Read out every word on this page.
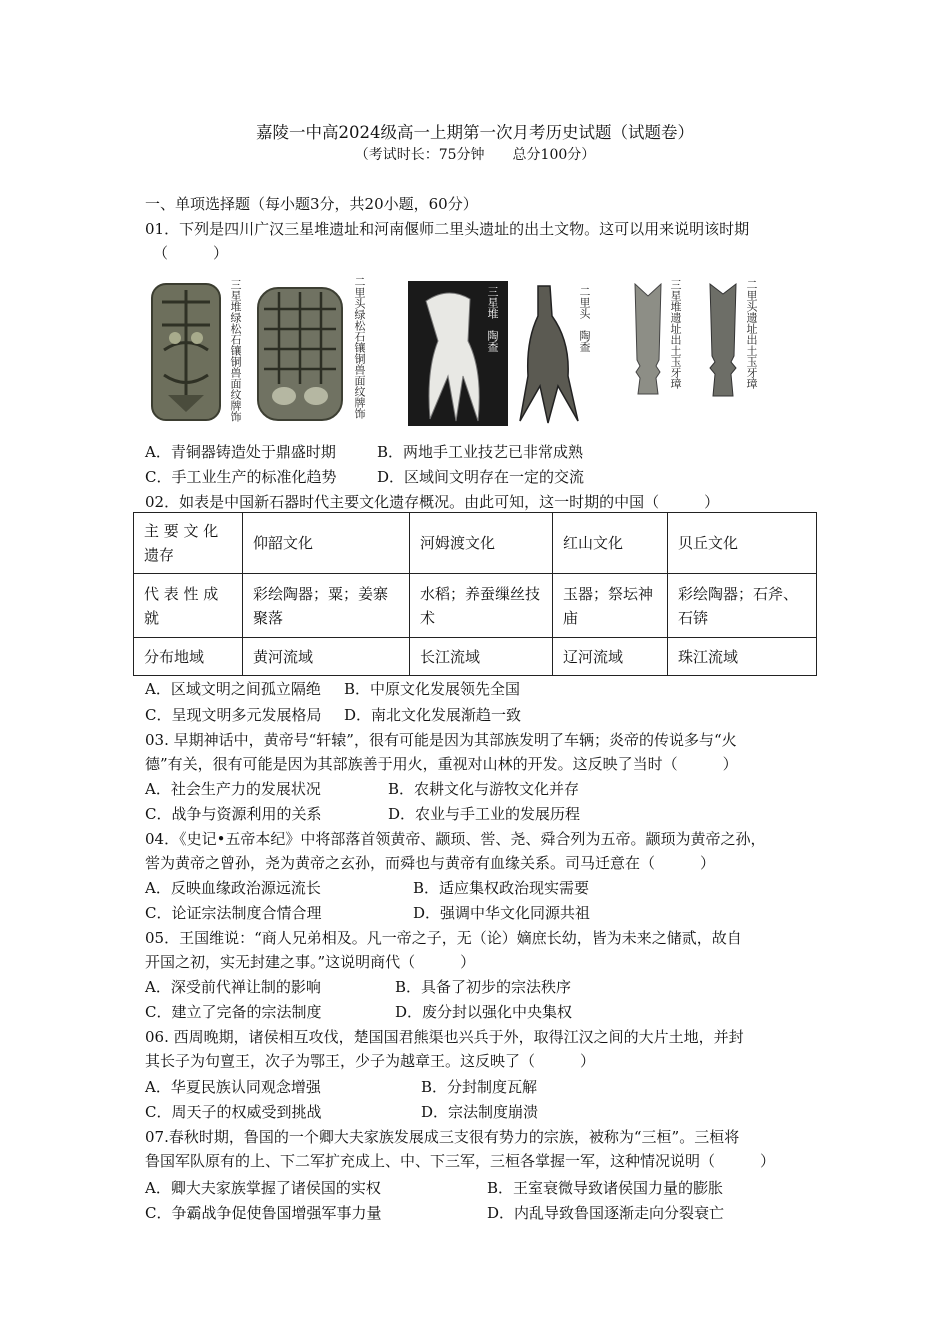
嘉陵一中高2024级高一上期第一次月考历史试题（试题卷）
（考试时长：75分钟　　总分100分）
一、单项选择题（每小题3分，共20小题，60分）
01．下列是四川广汉三星堆遗址和河南偃师二里头遗址的出土文物。这可以用来说明该时期
（　　　）
三星堆绿松石镶铜兽面纹牌饰	二里头绿松石镶铜兽面纹牌饰	三星堆　陶盉	二里头　陶盉	三星堆遗址出土玉牙璋	二里头遗址出土玉牙璋
A．青铜器铸造处于鼎盛时期	B．两地手工业技艺已非常成熟
C．手工业生产的标准化趋势	D．区域间文明存在一定的交流
02．如表是中国新石器时代主要文化遗存概况。由此可知，这一时期的中国（　　　）
主 要 文 化 遗存	仰韶文化	河姆渡文化	红山文化	贝丘文化
代 表 性 成 就	彩绘陶器；粟；姜寨聚落	水稻；养蚕缫丝技术	玉器；祭坛神庙	彩绘陶器；石斧、石锛
分布地域	黄河流域	长江流域	辽河流域	珠江流域
A．区域文明之间孤立隔绝 B．中原文化发展领先全国
C．呈现文明多元发展格局 D．南北文化发展渐趋一致
03. 早期神话中，黄帝号“轩辕”，很有可能是因为其部族发明了车辆；炎帝的传说多与“火
德”有关，很有可能是因为其部族善于用火，重视对山林的开发。这反映了当时（　　　）
A．社会生产力的发展状况	B．农耕文化与游牧文化并存
C．战争与资源利用的关系	D．农业与手工业的发展历程
04．《史记•五帝本纪》中将部落首领黄帝、颛顼、喾、尧、舜合列为五帝。颛顼为黄帝之孙，
喾为黄帝之曾孙，尧为黄帝之玄孙，而舜也与黄帝有血缘关系。司马迁意在（　　　）
A．反映血缘政治源远流长	B．适应集权政治现实需要
C．论证宗法制度合情合理	D．强调中华文化同源共祖
05．王国维说：“商人兄弟相及。凡一帝之子，无（论）嫡庶长幼，皆为未来之储贰，故自
开国之初，实无封建之事。”这说明商代（　　　）
A．深受前代禅让制的影响	B．具备了初步的宗法秩序
C．建立了完备的宗法制度	D．废分封以强化中央集权
06. 西周晚期，诸侯相互攻伐，楚国国君熊渠也兴兵于外，取得江汉之间的大片土地，并封
其长子为句亶王，次子为鄂王，少子为越章王。这反映了（　　　）
A．华夏民族认同观念增强	B．分封制度瓦解
C．周天子的权威受到挑战	D．宗法制度崩溃
07.春秋时期，鲁国的一个卿大夫家族发展成三支很有势力的宗族，被称为“三桓”。三桓将
鲁国军队原有的上、下二军扩充成上、中、下三军，三桓各掌握一军，这种情况说明（　　　）
A．卿大夫家族掌握了诸侯国的实权	B．王室衰微导致诸侯国力量的膨胀
C．争霸战争促使鲁国增强军事力量	D．内乱导致鲁国逐渐走向分裂衰亡
